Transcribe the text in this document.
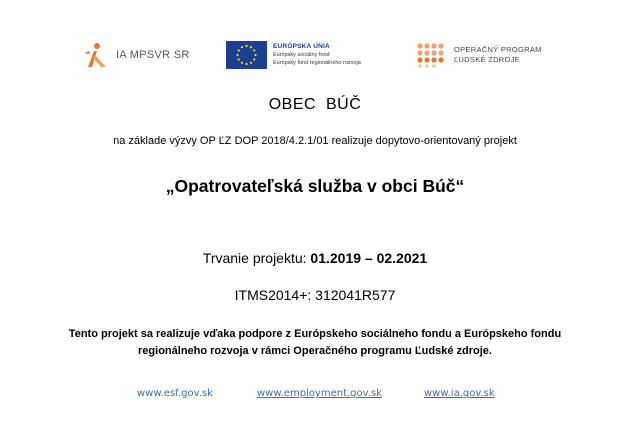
IA MPSVR SR
EURÓPSKA ÚNIA
Európsky sociálny fond
Európsky fond regionálneho rozvoja
OPERAČNÝ PROGRAM
ĽUDSKÉ ZDROJE
OBEC  BÚČ
na základe výzvy OP ĽZ DOP 2018/4.2.1/01 realizuje dopytovo-orientovaný projekt
„Opatrovateľská služba v obci Búč“
Trvanie projektu: 01.2019 – 02.2021
ITMS2014+: 312041R577
Tento projekt sa realizuje vďaka podpore z Európskeho sociálneho fondu a Európskeho fondu
regionálneho rozvoja v rámci Operačného programu Ľudské zdroje.
www.esf.gov.sk	www.employment.gov.sk	www.ia.gov.sk
